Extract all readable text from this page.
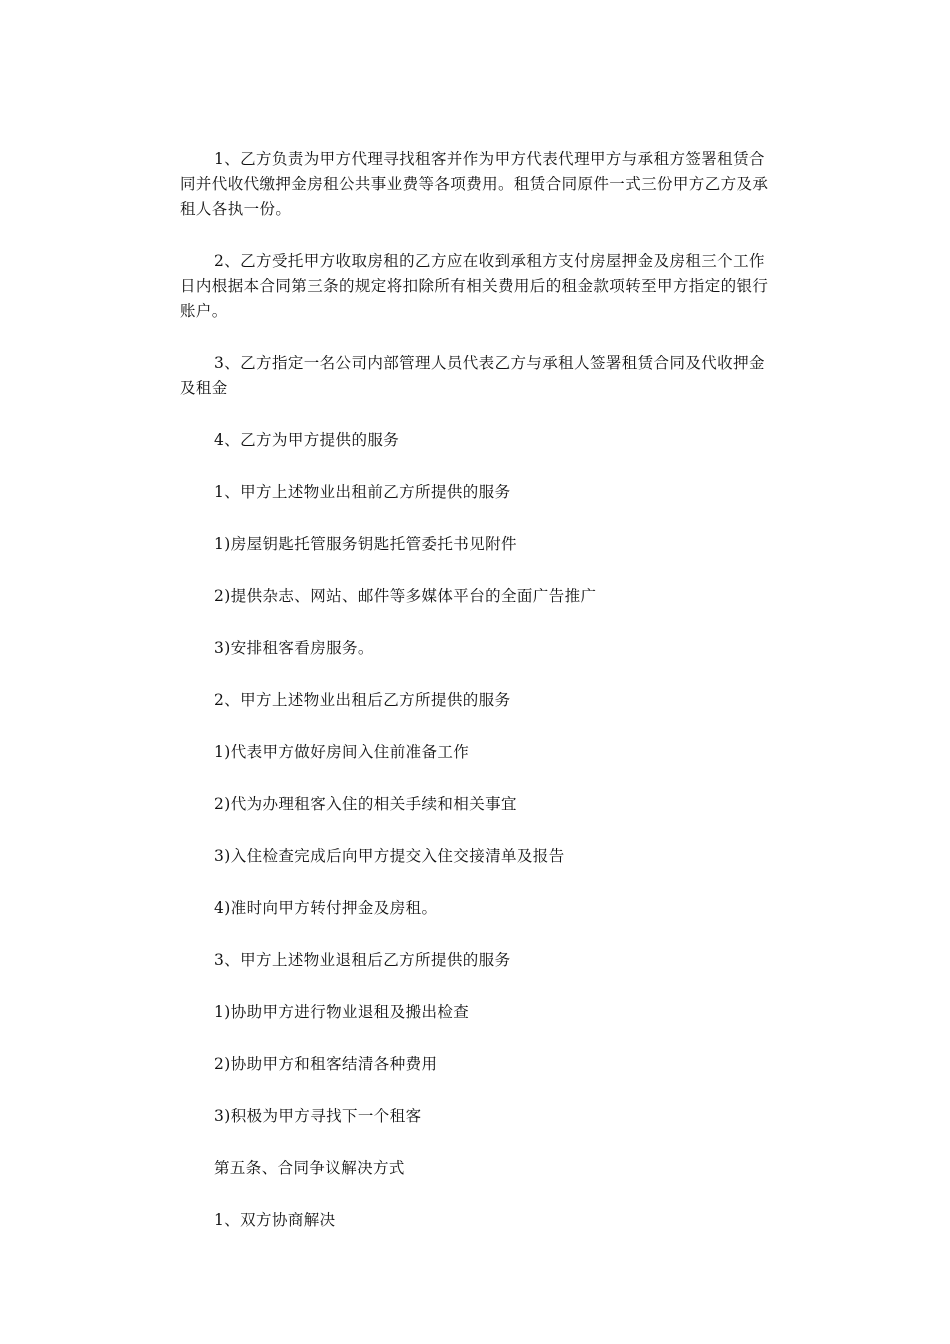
1、乙方负责为甲方代理寻找租客并作为甲方代表代理甲方与承租方签署租赁合同并代收代缴押金房租公共事业费等各项费用。租赁合同原件一式三份甲方乙方及承租人各执一份。

2、乙方受托甲方收取房租的乙方应在收到承租方支付房屋押金及房租三个工作日内根据本合同第三条的规定将扣除所有相关费用后的租金款项转至甲方指定的银行账户。

3、乙方指定一名公司内部管理人员代表乙方与承租人签署租赁合同及代收押金及租金

4、乙方为甲方提供的服务

1、甲方上述物业出租前乙方所提供的服务

1)房屋钥匙托管服务钥匙托管委托书见附件

2)提供杂志、网站、邮件等多媒体平台的全面广告推广

3)安排租客看房服务。

2、甲方上述物业出租后乙方所提供的服务

1)代表甲方做好房间入住前准备工作

2)代为办理租客入住的相关手续和相关事宜

3)入住检查完成后向甲方提交入住交接清单及报告

4)准时向甲方转付押金及房租。

3、甲方上述物业退租后乙方所提供的服务

1)协助甲方进行物业退租及搬出检查

2)协助甲方和租客结清各种费用

3)积极为甲方寻找下一个租客

第五条、合同争议解决方式

1、双方协商解决
